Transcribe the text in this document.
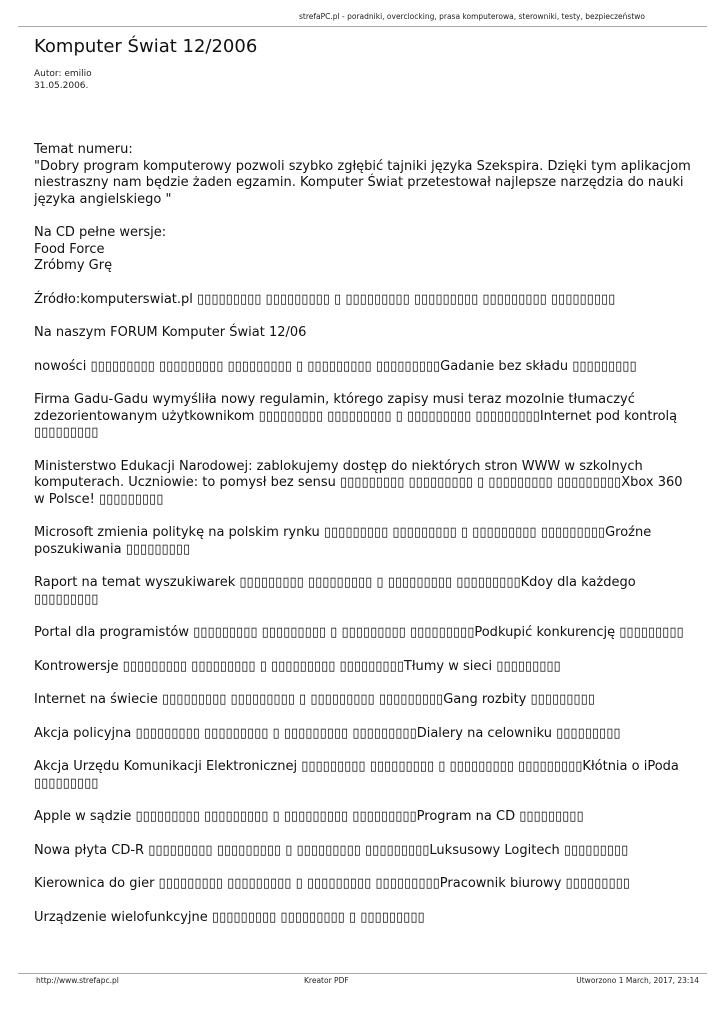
strefaPC.pl - poradniki, overclocking, prasa komputerowa, sterowniki, testy, bezpieczeństwo
Komputer Świat 12/2006
Autor: emilio
31.05.2006.
Temat numeru:
"Dobry program komputerowy pozwoli szybko zgłębić tajniki języka Szekspira. Dzięki tym aplikacjom niestraszny nam będzie żaden egzamin. Komputer Świat przetestował najlepsze narzędzia do nauki języka angielskiego "
Na CD pełne wersje:
Food Force
Zróbmy Grę
Źródło:komputerswiat.pl ▯▯▯▯▯▯▯▯▯ ▯▯▯▯▯▯▯▯▯ ▯ ▯▯▯▯▯▯▯▯▯ ▯▯▯▯▯▯▯▯▯ ▯▯▯▯▯▯▯▯▯ ▯▯▯▯▯▯▯▯▯
Na naszym FORUM Komputer Świat 12/06
nowości ▯▯▯▯▯▯▯▯▯ ▯▯▯▯▯▯▯▯▯ ▯▯▯▯▯▯▯▯▯ ▯ ▯▯▯▯▯▯▯▯▯ ▯▯▯▯▯▯▯▯▯Gadanie bez składu ▯▯▯▯▯▯▯▯▯
Firma Gadu-Gadu wymyśliła nowy regulamin, którego zapisy musi teraz mozolnie tłumaczyć zdezorientowanym użytkownikom ▯▯▯▯▯▯▯▯▯ ▯▯▯▯▯▯▯▯▯ ▯ ▯▯▯▯▯▯▯▯▯ ▯▯▯▯▯▯▯▯▯Internet pod kontrolą ▯▯▯▯▯▯▯▯▯
Ministerstwo Edukacji Narodowej: zablokujemy dostęp do niektórych stron WWW w szkolnych komputerach. Uczniowie: to pomysł bez sensu ▯▯▯▯▯▯▯▯▯ ▯▯▯▯▯▯▯▯▯ ▯ ▯▯▯▯▯▯▯▯▯ ▯▯▯▯▯▯▯▯▯Xbox 360 w Polsce! ▯▯▯▯▯▯▯▯▯
Microsoft zmienia politykę na polskim rynku ▯▯▯▯▯▯▯▯▯ ▯▯▯▯▯▯▯▯▯ ▯ ▯▯▯▯▯▯▯▯▯ ▯▯▯▯▯▯▯▯▯Groźne poszukiwania ▯▯▯▯▯▯▯▯▯
Raport na temat wyszukiwarek ▯▯▯▯▯▯▯▯▯ ▯▯▯▯▯▯▯▯▯ ▯ ▯▯▯▯▯▯▯▯▯ ▯▯▯▯▯▯▯▯▯Kdoy dla każdego ▯▯▯▯▯▯▯▯▯
Portal dla programistów ▯▯▯▯▯▯▯▯▯ ▯▯▯▯▯▯▯▯▯ ▯ ▯▯▯▯▯▯▯▯▯ ▯▯▯▯▯▯▯▯▯Podkupić konkurencję ▯▯▯▯▯▯▯▯▯
Kontrowersje ▯▯▯▯▯▯▯▯▯ ▯▯▯▯▯▯▯▯▯ ▯ ▯▯▯▯▯▯▯▯▯ ▯▯▯▯▯▯▯▯▯Tłumy w sieci ▯▯▯▯▯▯▯▯▯
Internet na świecie ▯▯▯▯▯▯▯▯▯ ▯▯▯▯▯▯▯▯▯ ▯ ▯▯▯▯▯▯▯▯▯ ▯▯▯▯▯▯▯▯▯Gang rozbity ▯▯▯▯▯▯▯▯▯
Akcja policyjna ▯▯▯▯▯▯▯▯▯ ▯▯▯▯▯▯▯▯▯ ▯ ▯▯▯▯▯▯▯▯▯ ▯▯▯▯▯▯▯▯▯Dialery na celowniku ▯▯▯▯▯▯▯▯▯
Akcja Urzędu Komunikacji Elektronicznej ▯▯▯▯▯▯▯▯▯ ▯▯▯▯▯▯▯▯▯ ▯ ▯▯▯▯▯▯▯▯▯ ▯▯▯▯▯▯▯▯▯Kłótnia o iPoda ▯▯▯▯▯▯▯▯▯
Apple w sądzie ▯▯▯▯▯▯▯▯▯ ▯▯▯▯▯▯▯▯▯ ▯ ▯▯▯▯▯▯▯▯▯ ▯▯▯▯▯▯▯▯▯Program na CD ▯▯▯▯▯▯▯▯▯
Nowa płyta CD-R ▯▯▯▯▯▯▯▯▯ ▯▯▯▯▯▯▯▯▯ ▯ ▯▯▯▯▯▯▯▯▯ ▯▯▯▯▯▯▯▯▯Luksusowy Logitech ▯▯▯▯▯▯▯▯▯
Kierownica do gier ▯▯▯▯▯▯▯▯▯ ▯▯▯▯▯▯▯▯▯ ▯ ▯▯▯▯▯▯▯▯▯ ▯▯▯▯▯▯▯▯▯Pracownik biurowy ▯▯▯▯▯▯▯▯▯
Urządzenie wielofunkcyjne ▯▯▯▯▯▯▯▯▯ ▯▯▯▯▯▯▯▯▯ ▯ ▯▯▯▯▯▯▯▯▯
http://www.strefapc.pl	Kreator PDF	Utworzono 1 March, 2017, 23:14
